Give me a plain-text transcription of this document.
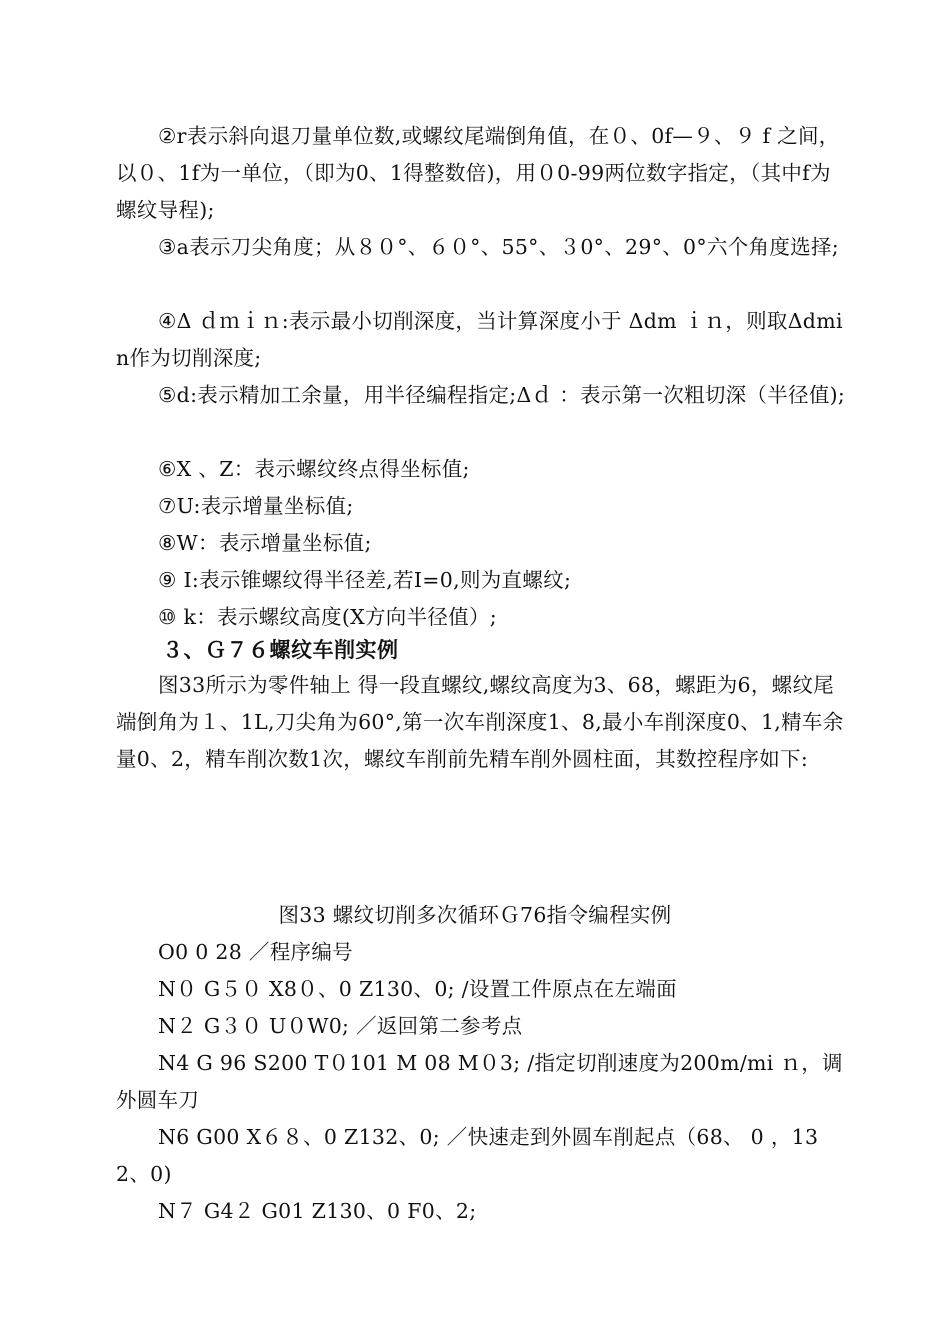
②r表示斜向退刀量单位数,或螺纹尾端倒角值，在０、0f—９、９ f 之间，以０、1f为一单位，（即为0、1得整数倍)，用０0-99两位数字指定，（其中f为螺纹导程);

③a表示刀尖角度；从８０°、６０°、55°、３0°、29°、0°六个角度选择;

④Δ ｄｍｉｎ:表示最小切削深度，当计算深度小于 Δdm ｉｎ，则取Δdmin作为切削深度;

⑤d:表示精加工余量，用半径编程指定;Δｄ ：表示第一次粗切深（半径值);

⑥X 、Z：表示螺纹终点得坐标值;

⑦U:表示增量坐标值;

⑧W：表示增量坐标值;

⑨ I:表示锥螺纹得半径差,若I=0,则为直螺纹;

⑩ k：表示螺纹高度(X方向半径值）;

３、Ｇ７６螺纹车削实例

图33所示为零件轴上 得一段直螺纹,螺纹高度为3、68，螺距为6，螺纹尾端倒角为１、1L,刀尖角为60°,第一次车削深度1、8,最小车削深度0、1,精车余量0、2，精车削次数1次，螺纹车削前先精车削外圆柱面，其数控程序如下:

图33 螺纹切削多次循环Ｇ76指令编程实例

O0 0 28 ／程序编号

N０ G５０ X8０、0 Z130、0; /设置工件原点在左端面

N２ G３０ U０W0; ／返回第二参考点

N4 G 96 S200 T０101 M 08 M０3; /指定切削速度为200m/mi ｎ，调外圆车刀

N6 G00 X６８、0 Z132、0; ／快速走到外圆车削起点（68、 0 ，13 2、0)

N７ G4２ G01 Z130、0 F0、2;
